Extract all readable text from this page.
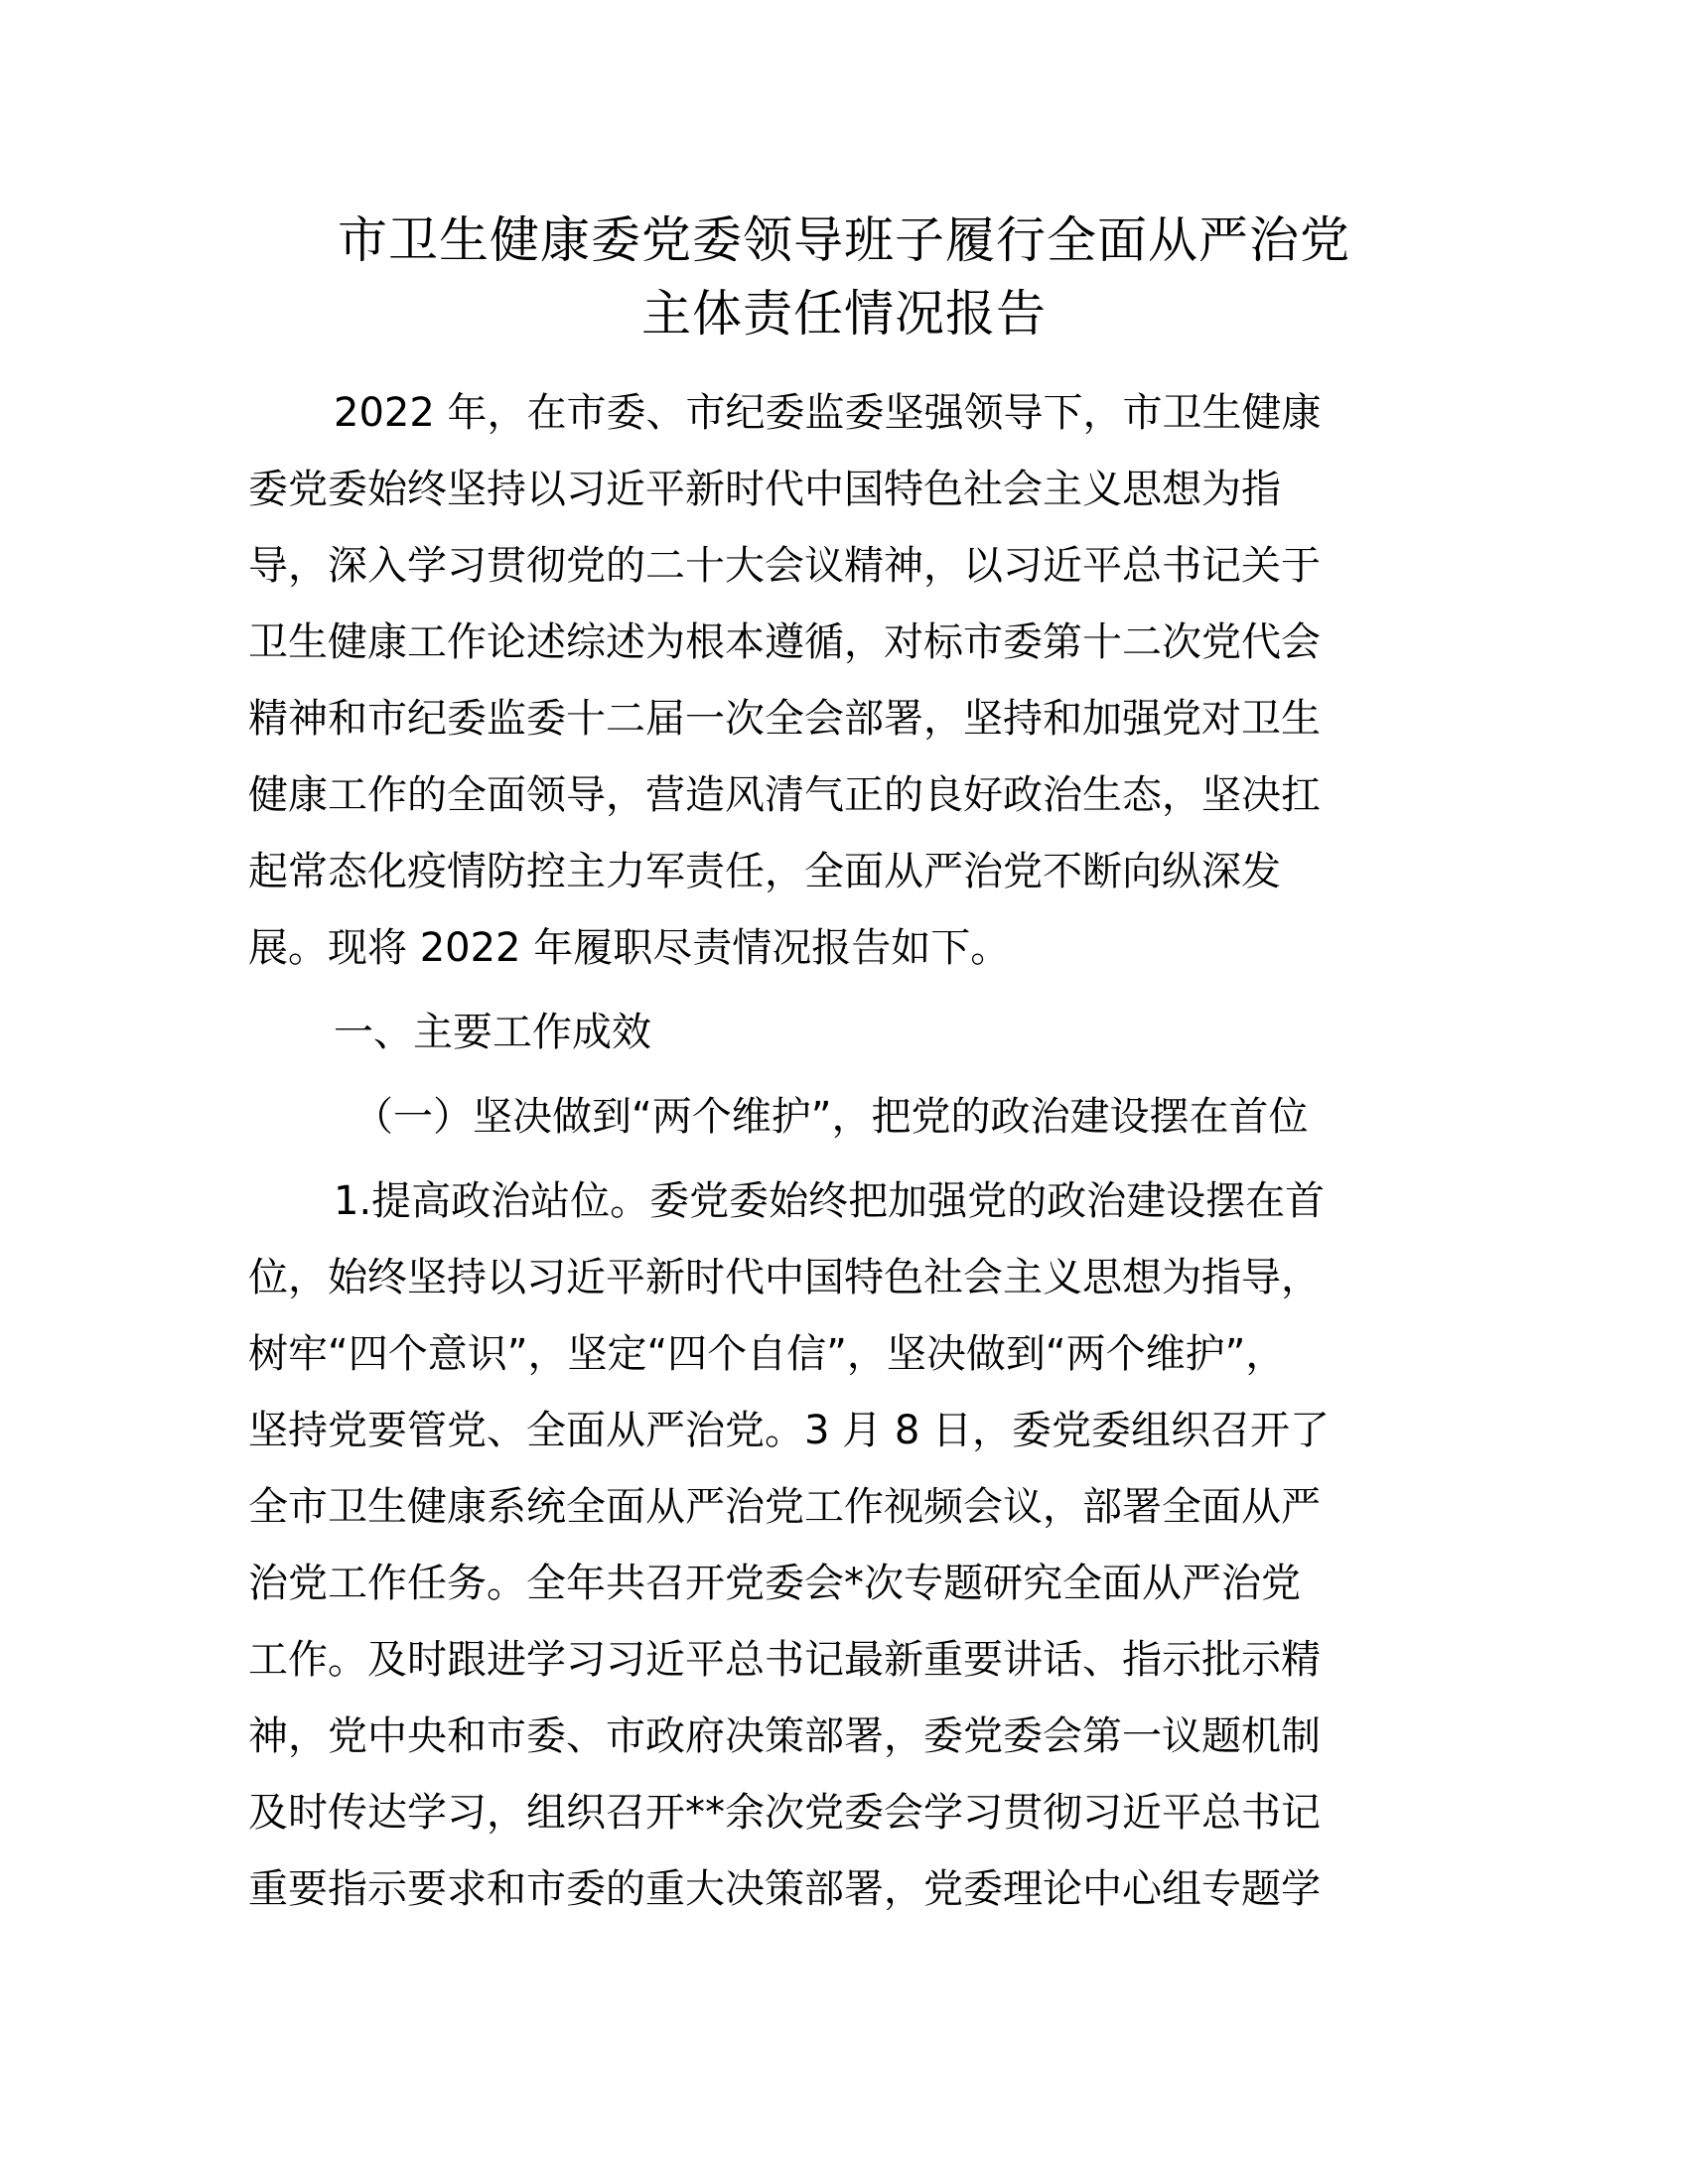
市卫生健康委党委领导班子履行全面从严治党
主体责任情况报告
2022 年，在市委、市纪委监委坚强领导下，市卫生健康
委党委始终坚持以习近平新时代中国特色社会主义思想为指
导，深入学习贯彻党的二十大会议精神，以习近平总书记关于
卫生健康工作论述综述为根本遵循，对标市委第十二次党代会
精神和市纪委监委十二届一次全会部署，坚持和加强党对卫生
健康工作的全面领导，营造风清气正的良好政治生态，坚决扛
起常态化疫情防控主力军责任，全面从严治党不断向纵深发
展。现将 2022 年履职尽责情况报告如下。
一、主要工作成效
（一）坚决做到“两个维护”，把党的政治建设摆在首位
1.提高政治站位。委党委始终把加强党的政治建设摆在首
位，始终坚持以习近平新时代中国特色社会主义思想为指导，
树牢“四个意识”，坚定“四个自信”，坚决做到“两个维护”，
坚持党要管党、全面从严治党。3 月 8 日，委党委组织召开了
全市卫生健康系统全面从严治党工作视频会议，部署全面从严
治党工作任务。全年共召开党委会*次专题研究全面从严治党
工作。及时跟进学习习近平总书记最新重要讲话、指示批示精
神，党中央和市委、市政府决策部署，委党委会第一议题机制
及时传达学习，组织召开**余次党委会学习贯彻习近平总书记
重要指示要求和市委的重大决策部署，党委理论中心组专题学
